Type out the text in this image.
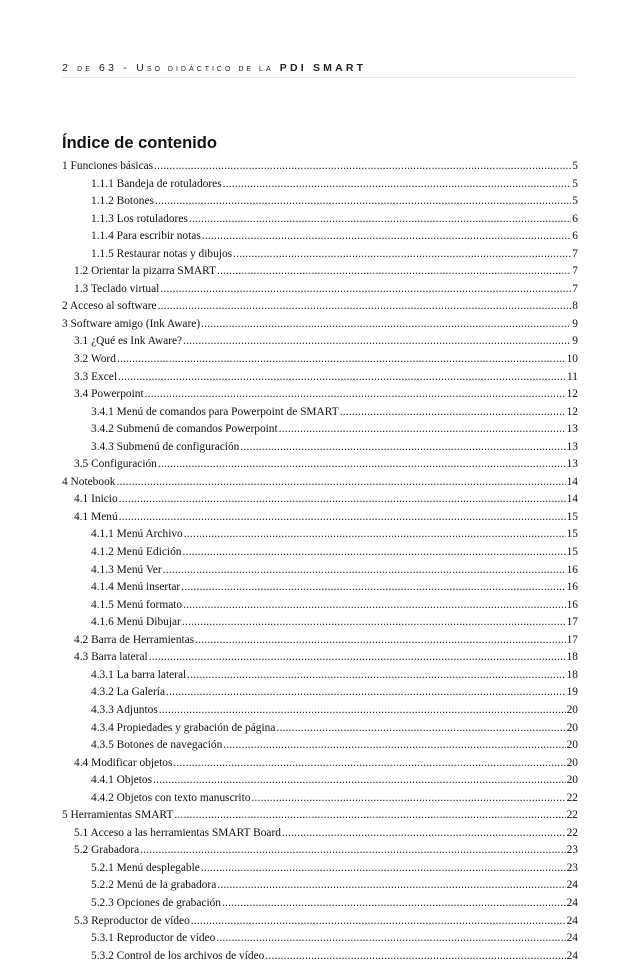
2 DE 63 - USO DIDÁCTICO DE LA PDI SMART
Índice de contenido
1 Funciones básicas .....	5
1.1.1 Bandeja de rotuladores .....	5
1.1.2 Botones .....	5
1.1.3 Los rotuladores .....	6
1.1.4 Para escribir notas .....	6
1.1.5 Restaurar notas y dibujos .....	7
1.2 Orientar la pizarra SMART .....	7
1.3 Teclado virtual .....	7
2 Acceso al software .....	8
3 Software amigo (Ink Aware) .....	9
3.1 ¿Qué es Ink Aware? .....	9
3.2 Word .....	10
3.3 Excel .....	11
3.4 Powerpoint .....	12
3.4.1 Menú de comandos para Powerpoint de SMART .....	12
3.4.2 Submenú de comandos Powerpoint .....	13
3.4.3 Submenú de configuración .....	13
3.5 Configuración .....	13
4 Notebook .....	14
4.1 Inicio .....	14
4.1 Menú .....	15
4.1.1 Menú Archivo .....	15
4.1.2 Menú Edición .....	15
4.1.3 Menú Ver .....	16
4.1.4 Menú insertar .....	16
4.1.5 Menú formato .....	16
4.1.6 Menú Dibujar .....	17
4.2 Barra de Herramientas .....	17
4.3 Barra lateral .....	18
4.3.1 La barra lateral .....	18
4.3.2 La Galería .....	19
4.3.3 Adjuntos .....	20
4.3.4 Propiedades y grabación de página .....	20
4.3.5 Botones de navegación .....	20
4.4 Modificar objetos .....	20
4.4.1 Objetos .....	20
4.4.2 Objetos con texto manuscrito .....	22
5 Herramientas SMART .....	22
5.1 Acceso a las herramientas SMART Board .....	22
5.2 Grabadora .....	23
5.2.1 Menú desplegable .....	23
5.2.2 Menú de la grabadora .....	24
5.2.3 Opciones de grabación .....	24
5.3 Reproductor de vídeo .....	24
5.3.1 Reproductor de vídeo .....	24
5.3.2 Control de los archivos de vídeo .....	24
